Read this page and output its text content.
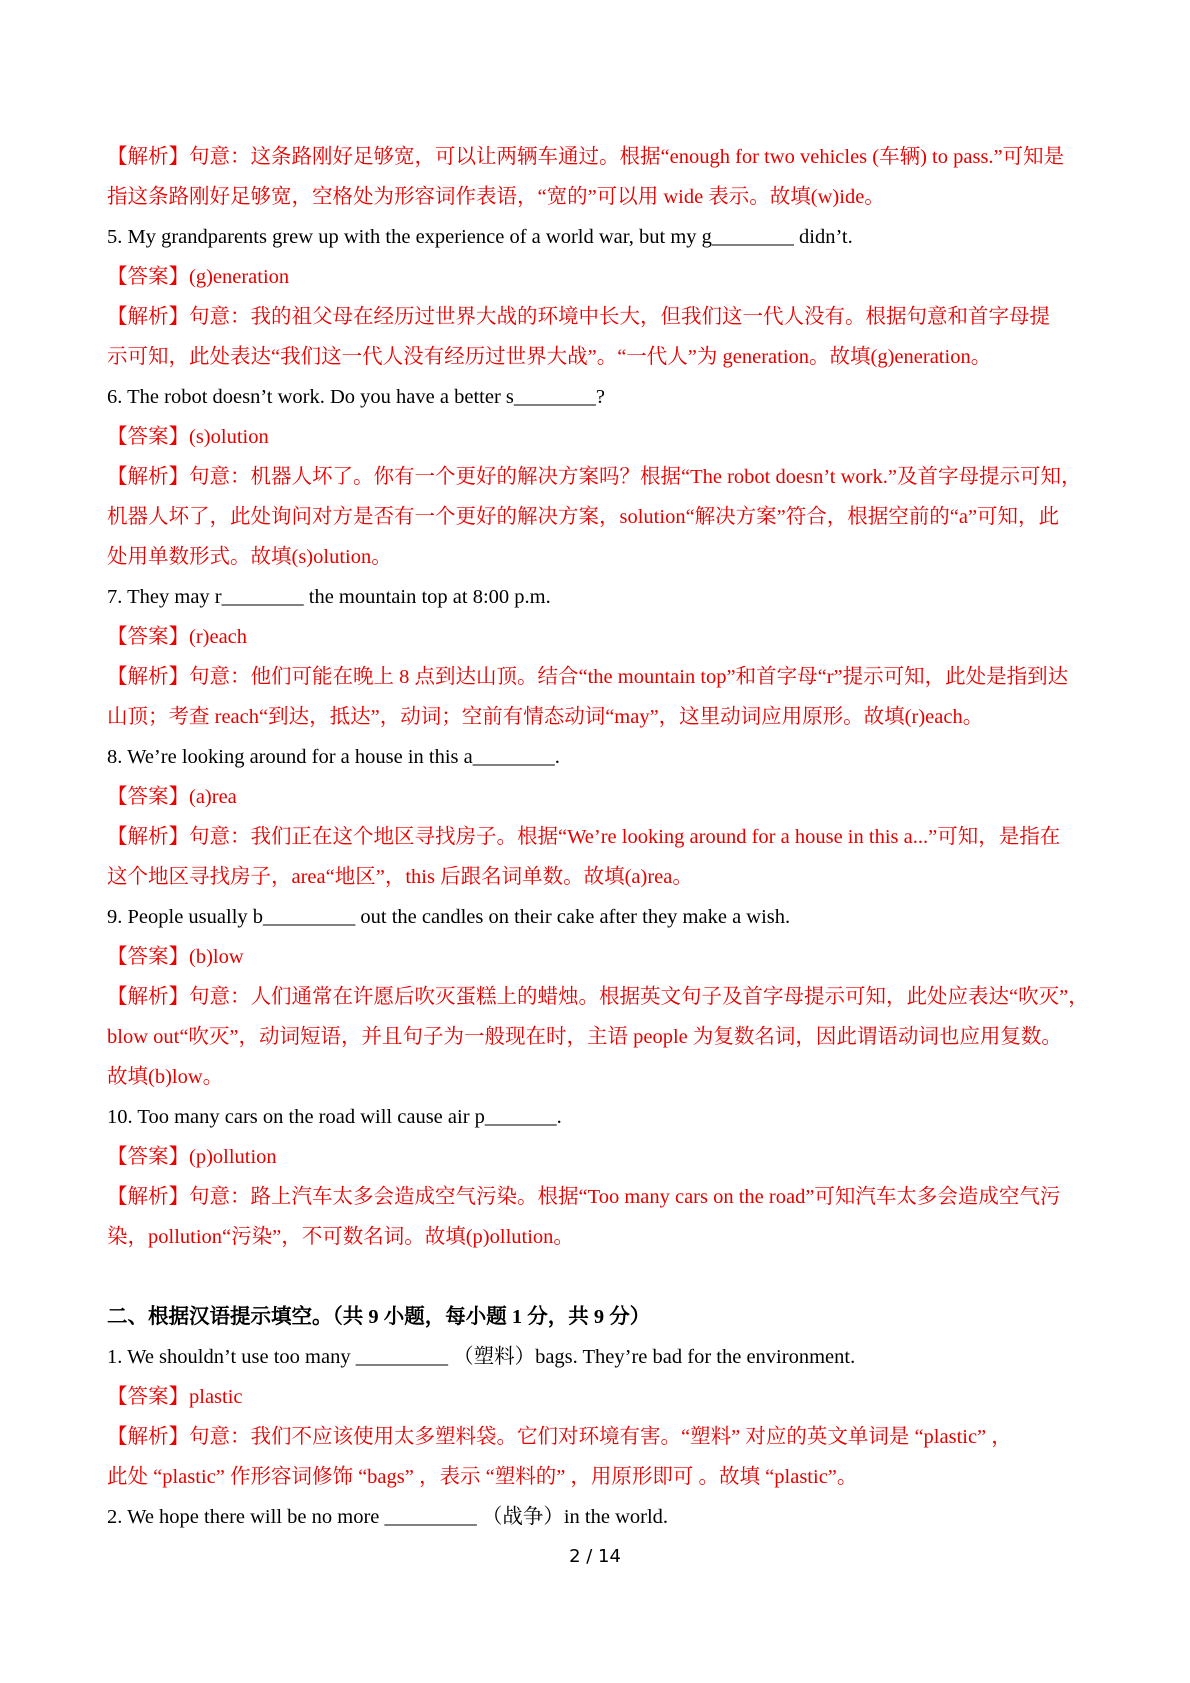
【解析】句意：这条路刚好足够宽，可以让两辆车通过。根据“enough for two vehicles (车辆) to pass.”可知是
指这条路刚好足够宽，空格处为形容词作表语，“宽的”可以用 wide 表示。故填(w)ide。
5. My grandparents grew up with the experience of a world war, but my g________ didn’t.
【答案】(g)eneration
【解析】句意：我的祖父母在经历过世界大战的环境中长大，但我们这一代人没有。根据句意和首字母提
示可知，此处表达“我们这一代人没有经历过世界大战”。“一代人”为 generation。故填(g)eneration。
6. The robot doesn’t work. Do you have a better s________?
【答案】(s)olution
【解析】句意：机器人坏了。你有一个更好的解决方案吗？根据“The robot doesn’t work.”及首字母提示可知，
机器人坏了，此处询问对方是否有一个更好的解决方案，solution“解决方案”符合，根据空前的“a”可知，此
处用单数形式。故填(s)olution。
7. They may r________ the mountain top at 8:00 p.m.
【答案】(r)each
【解析】句意：他们可能在晚上 8 点到达山顶。结合“the mountain top”和首字母“r”提示可知，此处是指到达
山顶；考查 reach“到达，抵达”，动词；空前有情态动词“may”，这里动词应用原形。故填(r)each。
8. We’re looking around for a house in this a________.
【答案】(a)rea
【解析】句意：我们正在这个地区寻找房子。根据“We’re looking around for a house in this a...”可知，是指在
这个地区寻找房子，area“地区”，this 后跟名词单数。故填(a)rea。
9. People usually b_________ out the candles on their cake after they make a wish.
【答案】(b)low
【解析】句意：人们通常在许愿后吹灭蛋糕上的蜡烛。根据英文句子及首字母提示可知，此处应表达“吹灭”，
blow out“吹灭”，动词短语，并且句子为一般现在时，主语 people 为复数名词，因此谓语动词也应用复数。
故填(b)low。
10. Too many cars on the road will cause air p_______.
【答案】(p)ollution
【解析】句意：路上汽车太多会造成空气污染。根据“Too many cars on the road”可知汽车太多会造成空气污
染，pollution“污染”，不可数名词。故填(p)ollution。
二、根据汉语提示填空。（共 9 小题，每小题 1 分，共 9 分）
1. We shouldn’t use too many _________ （塑料）bags. They’re bad for the environment.
【答案】plastic
【解析】句意：我们不应该使用太多塑料袋。它们对环境有害。“塑料” 对应的英文单词是 “plastic” ，
此处 “plastic” 作形容词修饰 “bags” ，表示 “塑料的” ，用原形即可 。故填 “plastic”。
2. We hope there will be no more _________ （战争）in the world.
2 / 14
